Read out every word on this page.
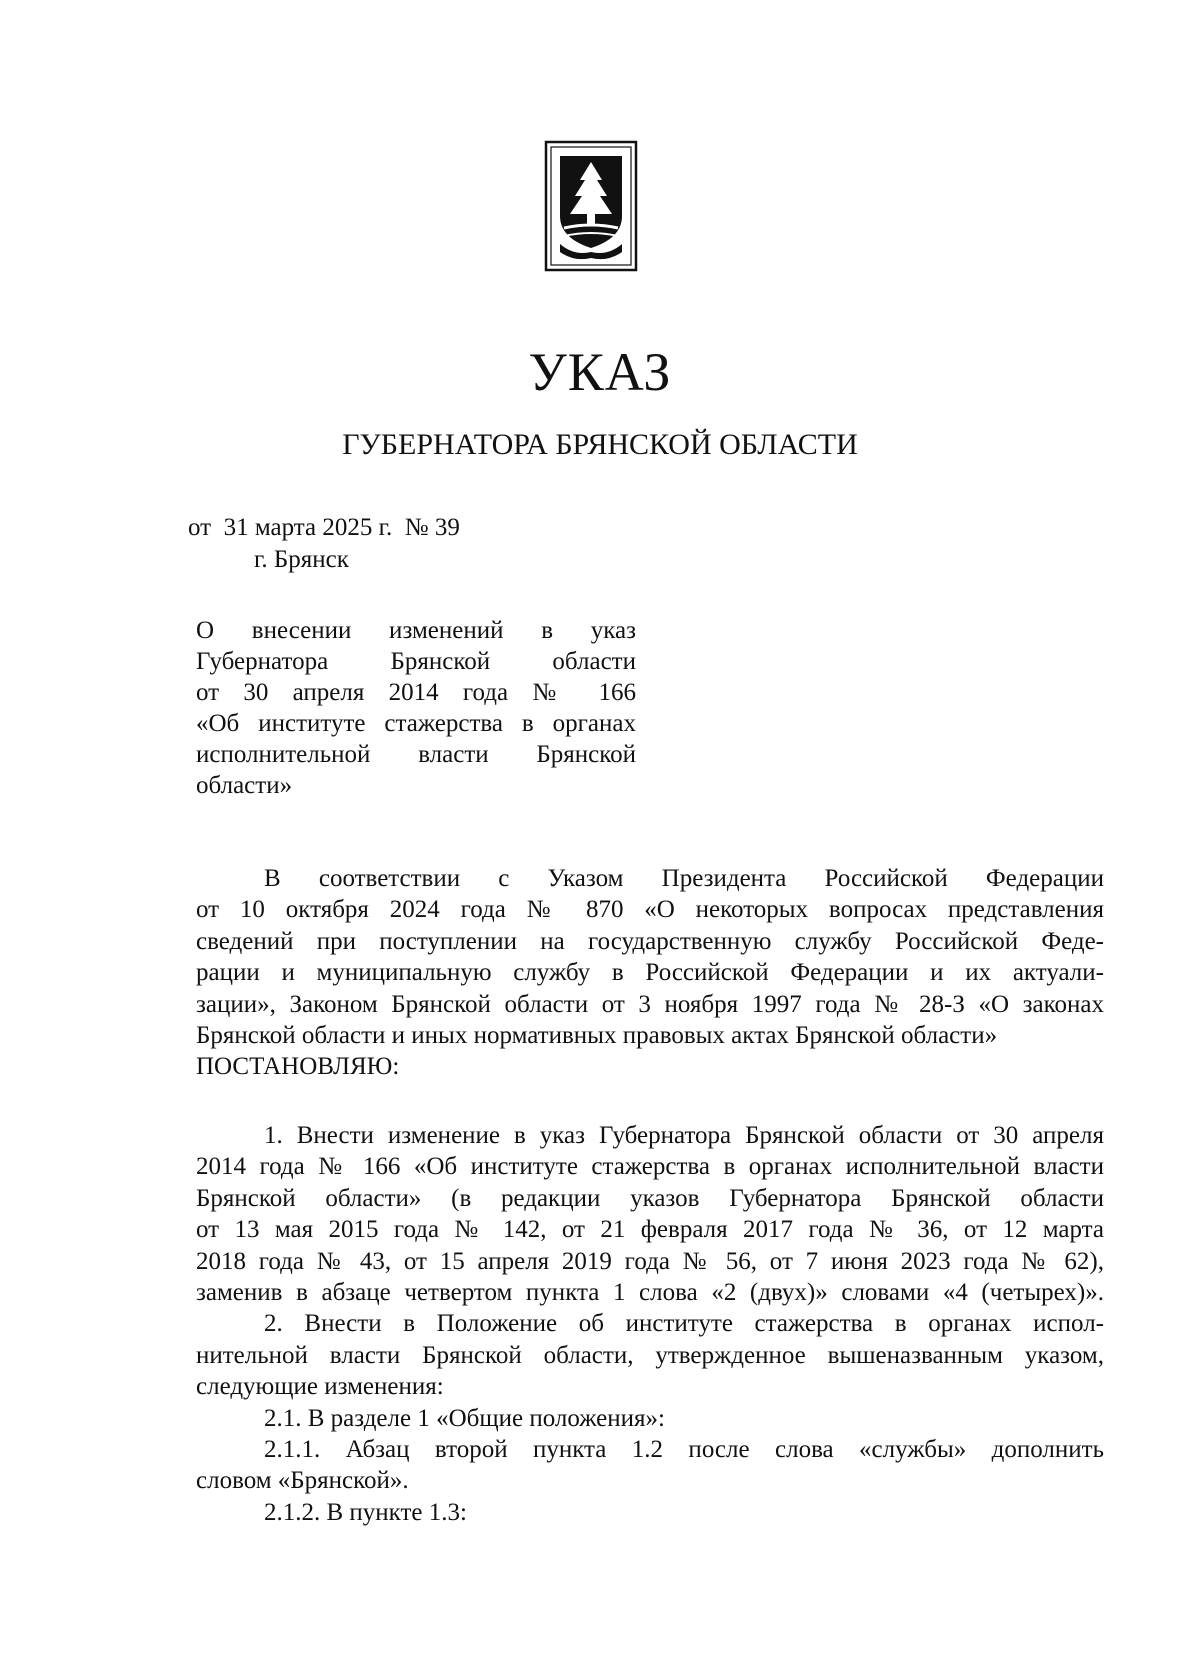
УКАЗ
ГУБЕРНАТОРА БРЯНСКОЙ ОБЛАСТИ
от  31 марта 2025 г.  № 39
г. Брянск
О внесении изменений в указ
Губернатора Брянской области
от 30 апреля 2014 года № 166
«Об институте стажерства в органах
исполнительной власти Брянской
области»
В соответствии с Указом Президента Российской Федерации
от 10 октября 2024 года № 870 «О некоторых вопросах представления
сведений при поступлении на государственную службу Российской Феде-
рации и муниципальную службу в Российской Федерации и их актуали-
зации», Законом Брянской области от 3 ноября 1997 года № 28-З «О законах
Брянской области и иных нормативных правовых актах Брянской области»
ПОСТАНОВЛЯЮ:
1. Внести изменение в указ Губернатора Брянской области от 30 апреля
2014 года № 166 «Об институте стажерства в органах исполнительной власти
Брянской области» (в редакции указов Губернатора Брянской области
от 13 мая 2015 года № 142, от 21 февраля 2017 года № 36, от 12 марта
2018 года № 43, от 15 апреля 2019 года № 56, от 7 июня 2023 года № 62),
заменив в абзаце четвертом пункта 1 слова «2 (двух)» словами «4 (четырех)».
2. Внести в Положение об институте стажерства в органах испол-
нительной власти Брянской области, утвержденное вышеназванным указом,
следующие изменения:
2.1. В разделе 1 «Общие положения»:
2.1.1. Абзац второй пункта 1.2 после слова «службы» дополнить
словом «Брянской».
2.1.2. В пункте 1.3:
